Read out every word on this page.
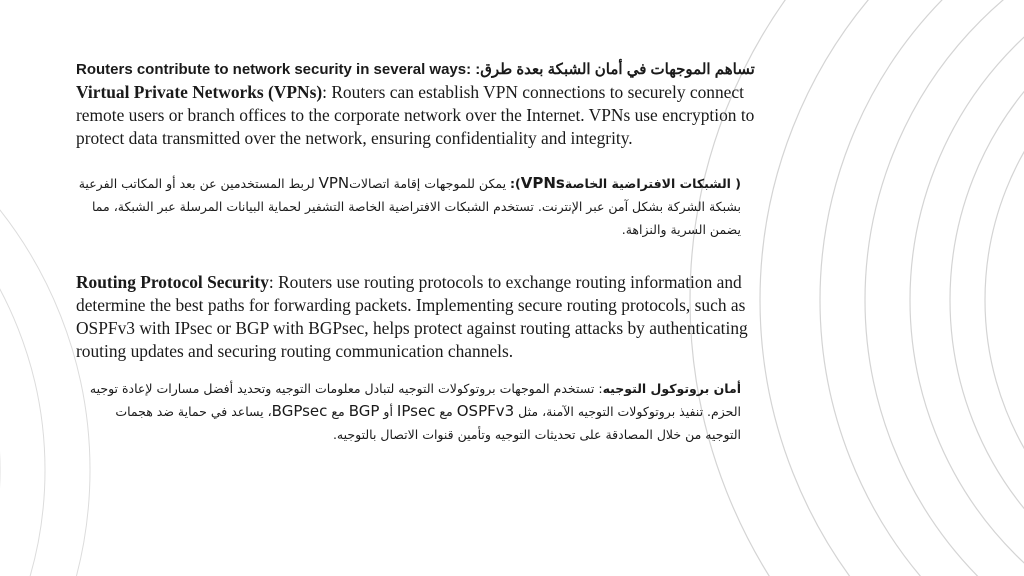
Routers contribute to network security in several ways: تساهم الموجهات في أمان الشبكة بعدة طرق:

Virtual Private Networks (VPNs): Routers can establish VPN connections to securely connect remote users or branch offices to the corporate network over the Internet. VPNs use encryption to protect data transmitted over the network, ensuring confidentiality and integrity.

( الشبكات الافتراضية الخاصةVPNs): يمكن للموجهات إقامة اتصالاتVPN لربط المستخدمين عن بعد أو المكاتب الفرعية بشبكة الشركة بشكل آمن عبر الإنترنت. تستخدم الشبكات الافتراضية الخاصة التشفير لحماية البيانات المرسلة عبر الشبكة، مما يضمن السرية والنزاهة.

Routing Protocol Security: Routers use routing protocols to exchange routing information and determine the best paths for forwarding packets. Implementing secure routing protocols, such as OSPFv3 with IPsec or BGP with BGPsec, helps protect against routing attacks by authenticating routing updates and securing routing communication channels.

أمان بروتوكول التوجيه: تستخدم الموجهات بروتوكولات التوجيه لتبادل معلومات التوجيه وتحديد أفضل مسارات لإعادة توجيه الحزم. تنفيذ بروتوكولات التوجيه الآمنة، مثل OSPFv3 مع IPsec أو BGP مع BGPsec، يساعد في حماية ضد هجمات التوجيه من خلال المصادقة على تحديثات التوجيه وتأمين قنوات الاتصال بالتوجيه.
